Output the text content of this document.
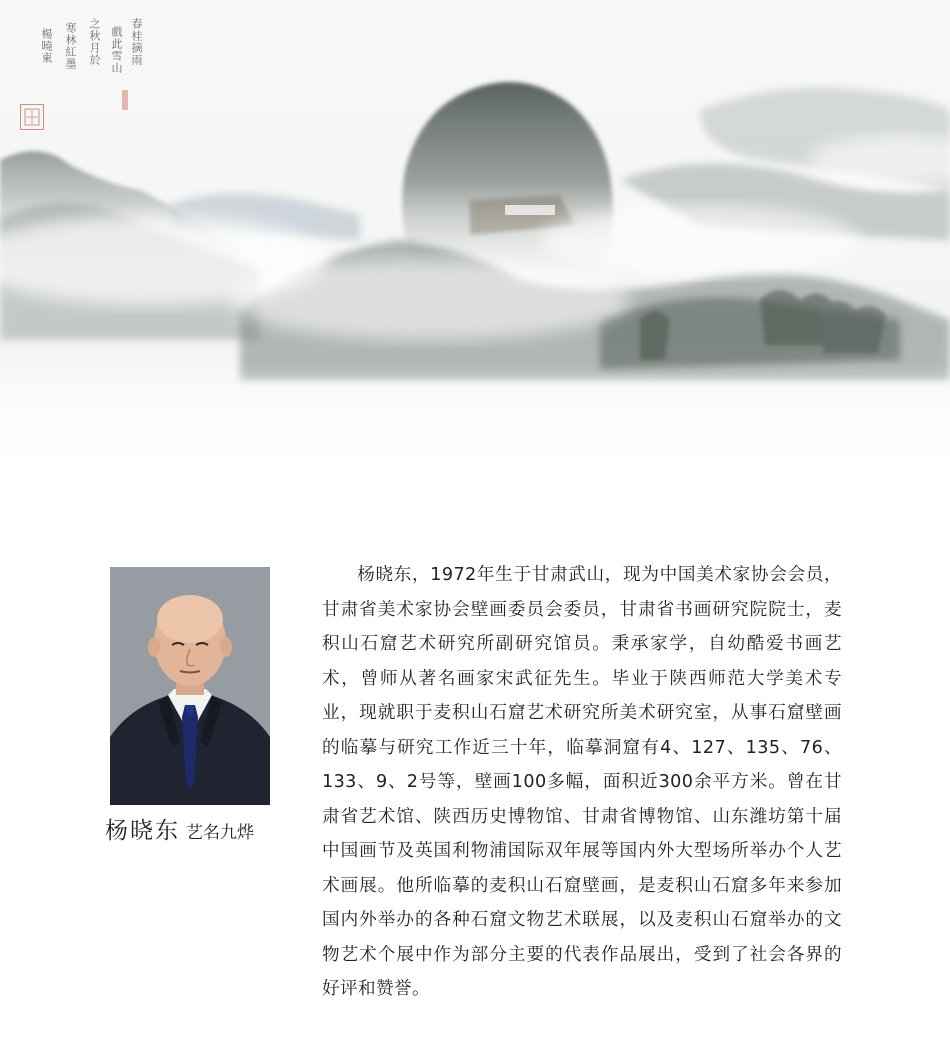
春桂摘雨
戲此雪山
之秋月於
寒林紅墨
楊曉東
杨晓东 艺名九烨

杨晓东，1972年生于甘肃武山，现为中国美术家协会会员，甘肃省美术家协会壁画委员会委员，甘肃省书画研究院院士，麦积山石窟艺术研究所副研究馆员。秉承家学，自幼酷爱书画艺术，曾师从著名画家宋武征先生。毕业于陕西师范大学美术专业，现就职于麦积山石窟艺术研究所美术研究室，从事石窟壁画的临摹与研究工作近三十年，临摹洞窟有4、127、135、76、133、9、2号等，壁画100多幅，面积近300余平方米。曾在甘肃省艺术馆、陕西历史博物馆、甘肃省博物馆、山东潍坊第十届中国画节及英国利物浦国际双年展等国内外大型场所举办个人艺术画展。他所临摹的麦积山石窟壁画，是麦积山石窟多年来参加国内外举办的各种石窟文物艺术联展，以及麦积山石窟举办的文物艺术个展中作为部分主要的代表作品展出，受到了社会各界的好评和赞誉。
